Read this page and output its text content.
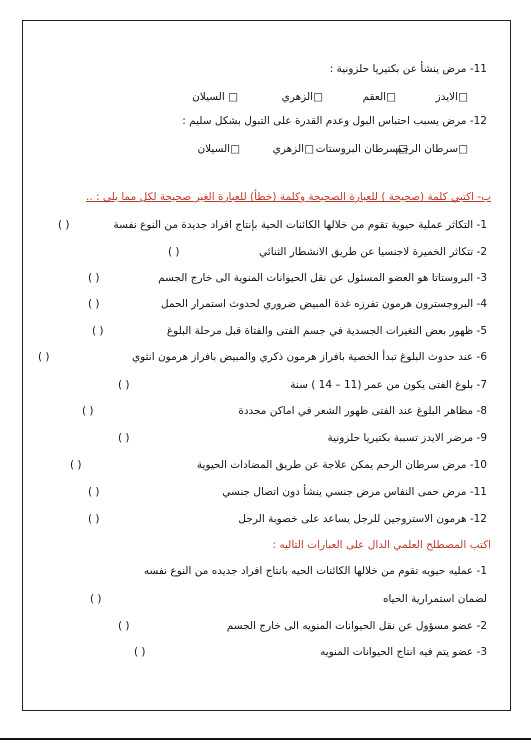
11- مرض ينشأ عن بكتيريا حلزونية :
□الايدز
□العقم
□الزهري
□ السيلان
12- مرض يسبب احتباس البول وعدم القدرة على التبول بشكل سليم :
□سرطان الرحم
□سرطان البروستات
□الزهري
□السيلان
ب- اكتبي كلمة (صحيحة ) للعبارة الصحيحة وكلمة (خطأ) للعبارة الغير صحيحة لكل مما يلي : ..
1- التكاثر عملية حيوية تقوم من خلالها الكائنات الحية بإنتاج افراد جديدة من النوع نفسة
( )
2- تتكاثر الخميرة لاجنسيا عن طريق الانشطار الثنائي
( )
3- البروستاتا هو العضو المسئول عن نقل الحيوانات المنوية الى خارج الجسم
( )
4- البروجسترون هرمون تفرزه غدة المبيض ضروري لحدوث استمرار الحمل
( )
5- ظهور بعض التغيرات الجسدية في جسم الفتى والفتاة قبل مرحلة البلوغ
( )
6- عند حدوث البلوغ تبدأ الخصية بافراز هرمون ذكري والمبيض بافراز هرمون انثوي
( )
7- بلوغ الفتى يكون من عمر (11 – 14 ) سنة
( )
8- مظاهر البلوغ عند الفتى ظهور الشعر في اماكن محددة
( )
9- مرضر الايدز تسببة بكتيريا حلزونية
( )
10- مرض سرطان الرحم يمكن علاجة عن طريق المضادات الحيوية
( )
11- مرض حمى النفاس مرض جنسي ينشأ دون اتصال جنسي
( )
12- هرمون الاستروجين للرجل يساعد على خصوبة الرجل
( )
اكتب المصطلح العلمي الدال على العبارات التاليه :
1- عمليه حيويه تقوم من خلالها الكائنات الحيه بانتاج افراد جديده من النوع نفسه
لضمان استمرارية الحياه
( )
2- عضو مسؤول عن نقل الحيوانات المنويه الى خارج الجسم
( )
3- عضو يتم فيه انتاج الحيوانات المنويه
( )
